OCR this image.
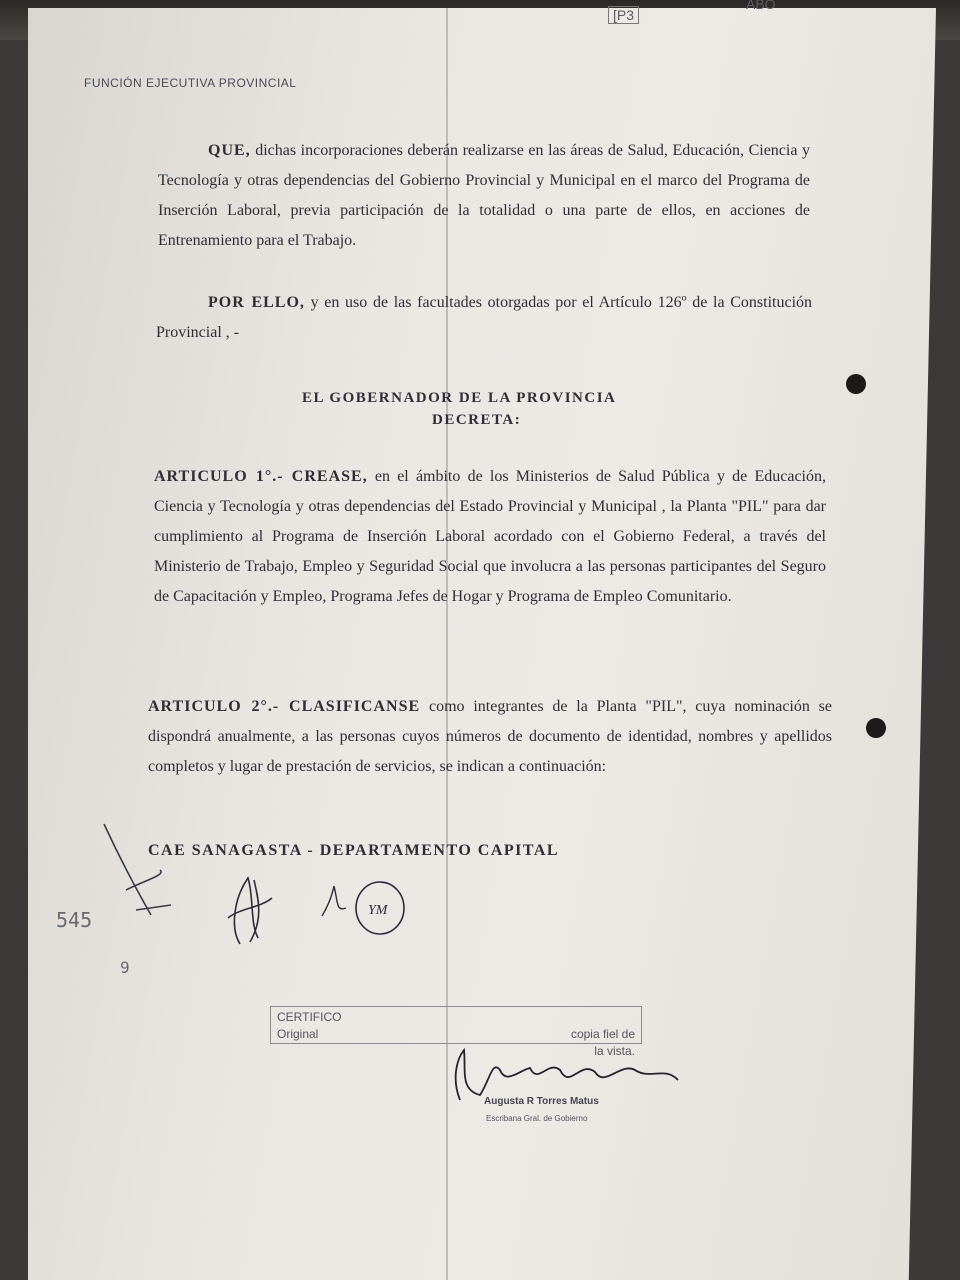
[P3
ABO
FUNCIÓN EJECUTIVA PROVINCIAL

QUE, dichas incorporaciones deberán realizarse en las áreas de Salud, Educación, Ciencia y Tecnología y otras dependencias del Gobierno Provincial y Municipal en el marco del Programa de Inserción Laboral, previa participación de la totalidad o una parte de ellos, en acciones de Entrenamiento para el Trabajo.

POR ELLO, y en uso de las facultades otorgadas por el Artículo 126º de la Constitución Provincial , -

EL GOBERNADOR DE LA PROVINCIA
DECRETA:

ARTICULO 1°.- CREASE, en el ámbito de los Ministerios de Salud Pública y de Educación, Ciencia y Tecnología y otras dependencias del Estado Provincial y Municipal , la Planta "PIL" para dar cumplimiento al Programa de Inserción Laboral acordado con el Gobierno Federal, a través del Ministerio de Trabajo, Empleo y Seguridad Social que involucra a las personas participantes del Seguro de Capacitación y Empleo, Programa Jefes de Hogar y Programa de Empleo Comunitario.

ARTICULO 2°.- CLASIFICANSE como integrantes de la Planta "PIL", cuya nominación se dispondrá anualmente, a las personas cuyos números de documento de identidad, nombres y apellidos completos y lugar de prestación de servicios, se indican a continuación:

CAE SANAGASTA - DEPARTAMENTO CAPITAL
545
9
YM
CERTIFICO
copia fiel de
Original
la vista.
Augusta R Torres Matus
Escribana Gral. de Gobierno
